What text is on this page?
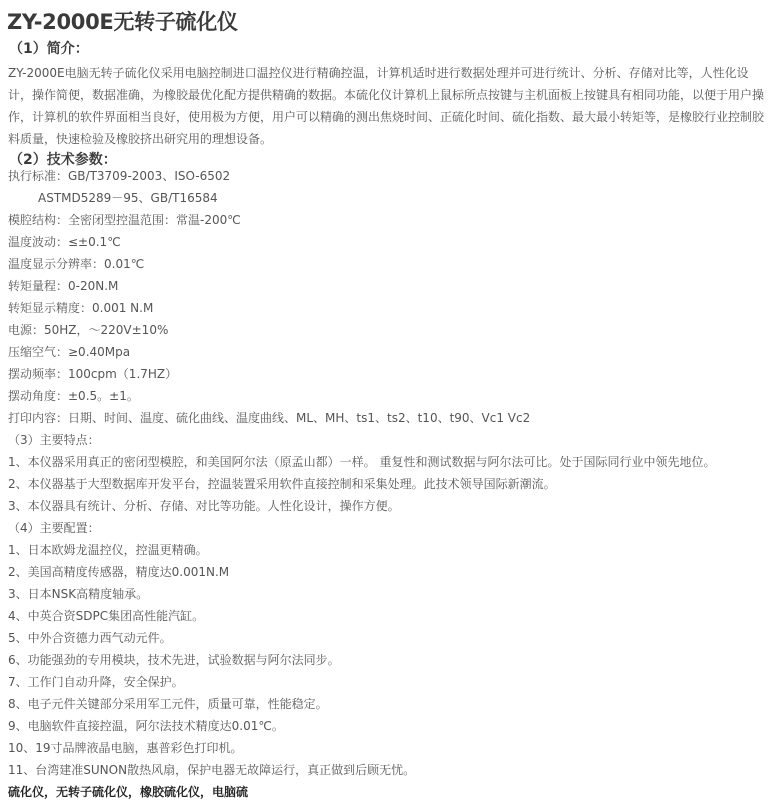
ZY-2000E无转子硫化仪
（1）简介：
ZY-2000E电脑无转子硫化仪采用电脑控制进口温控仪进行精确控温，计算机适时进行数据处理并可进行统计、分析、存储对比等，人性化设
计，操作简便，数据准确，为橡胶最优化配方提供精确的数据。本硫化仪计算机上鼠标所点按键与主机面板上按键具有相同功能，以便于用户操
作，计算机的软件界面相当良好，使用极为方便，用户可以精确的测出焦烧时间、正硫化时间、硫化指数、最大最小转矩等，是橡胶行业控制胶
料质量，快速检验及橡胶挤出研究用的理想设备。
（2）技术参数：

执行标准：GB/T3709-2003、ISO-6502

ASTMD5289－95、GB/T16584

模腔结构：全密闭型控温范围：常温-200℃

温度波动：≤±0.1℃

温度显示分辨率：0.01℃

转矩量程：0-20N.M

转矩显示精度：0.001 N.M

电源：50HZ，～220V±10%

压缩空气：≥0.40Mpa

摆动频率：100cpm（1.7HZ）

摆动角度：±0.5。±1。

打印内容：日期、时间、温度、硫化曲线、温度曲线、ML、MH、ts1、ts2、t10、t90、Vc1 Vc2

（3）主要特点：

1、本仪器采用真正的密闭型模腔，和美国阿尔法（原孟山都）一样。 重复性和测试数据与阿尔法可比。处于国际同行业中领先地位。

2、本仪器基于大型数据库开发平台，控温装置采用软件直接控制和采集处理。此技术领导国际新潮流。

3、本仪器具有统计、分析、存储、对比等功能。人性化设计，操作方便。

（4）主要配置：

1、日本欧姆龙温控仪，控温更精确。

2、美国高精度传感器，精度达0.001N.M

3、日本NSK高精度轴承。

4、中英合资SDPC集团高性能汽缸。

5、中外合资德力西气动元件。

6、功能强劲的专用模块，技术先进，试验数据与阿尔法同步。

7、工作门自动升降，安全保护。

8、电子元件关键部分采用军工元件，质量可靠，性能稳定。

9、电脑软件直接控温，阿尔法技术精度达0.01℃。

10、19寸品牌液晶电脑，惠普彩色打印机。

11、台湾建准SUNON散热风扇，保护电器无故障运行，真正做到后顾无忧。

硫化仪，无转子硫化仪，橡胶硫化仪，电脑硫
